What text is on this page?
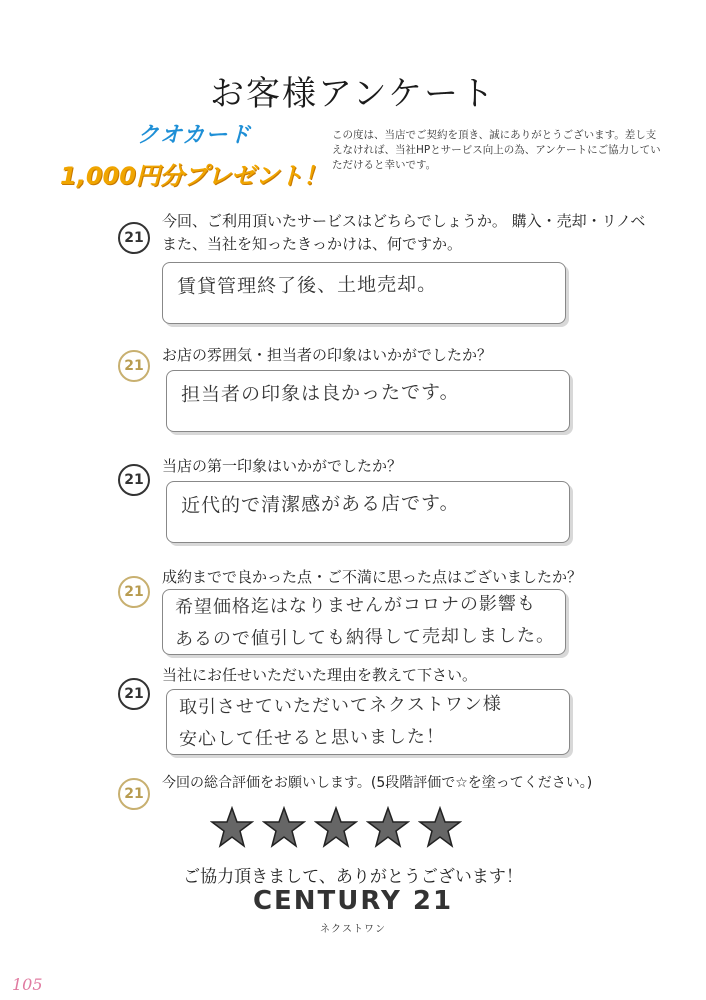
お客様アンケート
クオカード
1,000円分プレゼント！
この度は、当店でご契約を頂き、誠にありがとうございます。差し支えなければ、当社HPとサービス向上の為、アンケートにご協力していただけると幸いです。
21
今回、ご利用頂いたサービスはどちらでしょうか。 購入・売却・リノベ
また、当社を知ったきっかけは、何ですか。
賃貸管理終了後、土地売却。
21
お店の雰囲気・担当者の印象はいかがでしたか？
担当者の印象は良かったです。
21
当店の第一印象はいかがでしたか？
近代的で清潔感がある店です。
21
成約までで良かった点・ご不満に思った点はございましたか？
希望価格迄はなりませんがコロナの影響も
あるので値引しても納得して売却しました。
21
当社にお任せいただいた理由を教えて下さい。
取引させていただいてネクストワン様
安心して任せると思いました！
21
今回の総合評価をお願いします。(5段階評価で☆を塗ってください。)
ご協力頂きまして、ありがとうございます！
CENTURY 21
ネクストワン
105
